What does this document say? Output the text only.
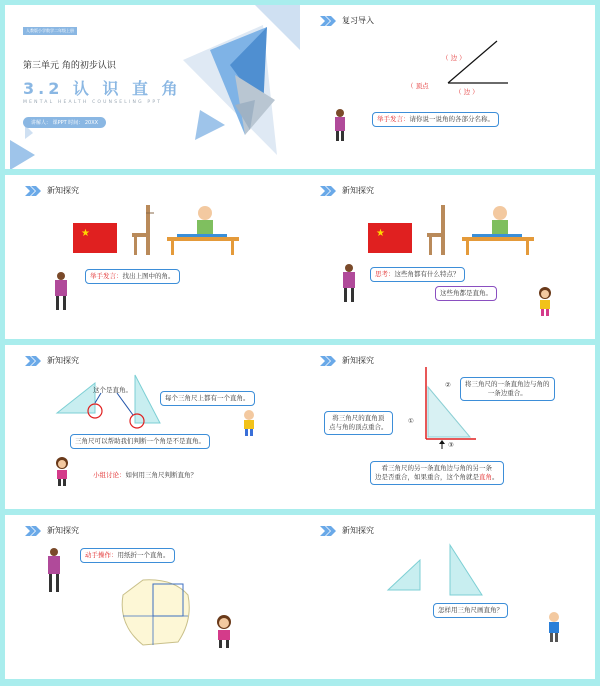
人教版小学数学二年级上册
第三单元 角的初步认识
3.2 认 识 直 角
MENTAL HEALTH COUNSELING PPT
讲解人： 课PPT 时间： 20XX
复习导入
（ 边 ）
（ 顶点
（ 边 ）
举手发言：请你说一说角的各部分名称。
新知探究
★
举手发言：找出上图中的角。
新知探究
★
思考：这些角都有什么特点？
这些角都是直角。
新知探究
这个是直角。
每个三角尺上都有一个直角。
三角尺可以帮助我们判断一个角是不是直角。
小组讨论：如何用三角尺判断直角？
新知探究
②
①
③
将三角尺的一条直角边与角的
一条边重合。
将三角尺的直角顶
点与角的顶点重合。
看三角尺的另一条直角边与角的另一条
边是否重合，如果重合，这个角就是直角。
新知探究
动手操作：用纸折一个直角。
新知探究
怎样用三角尺画直角？
